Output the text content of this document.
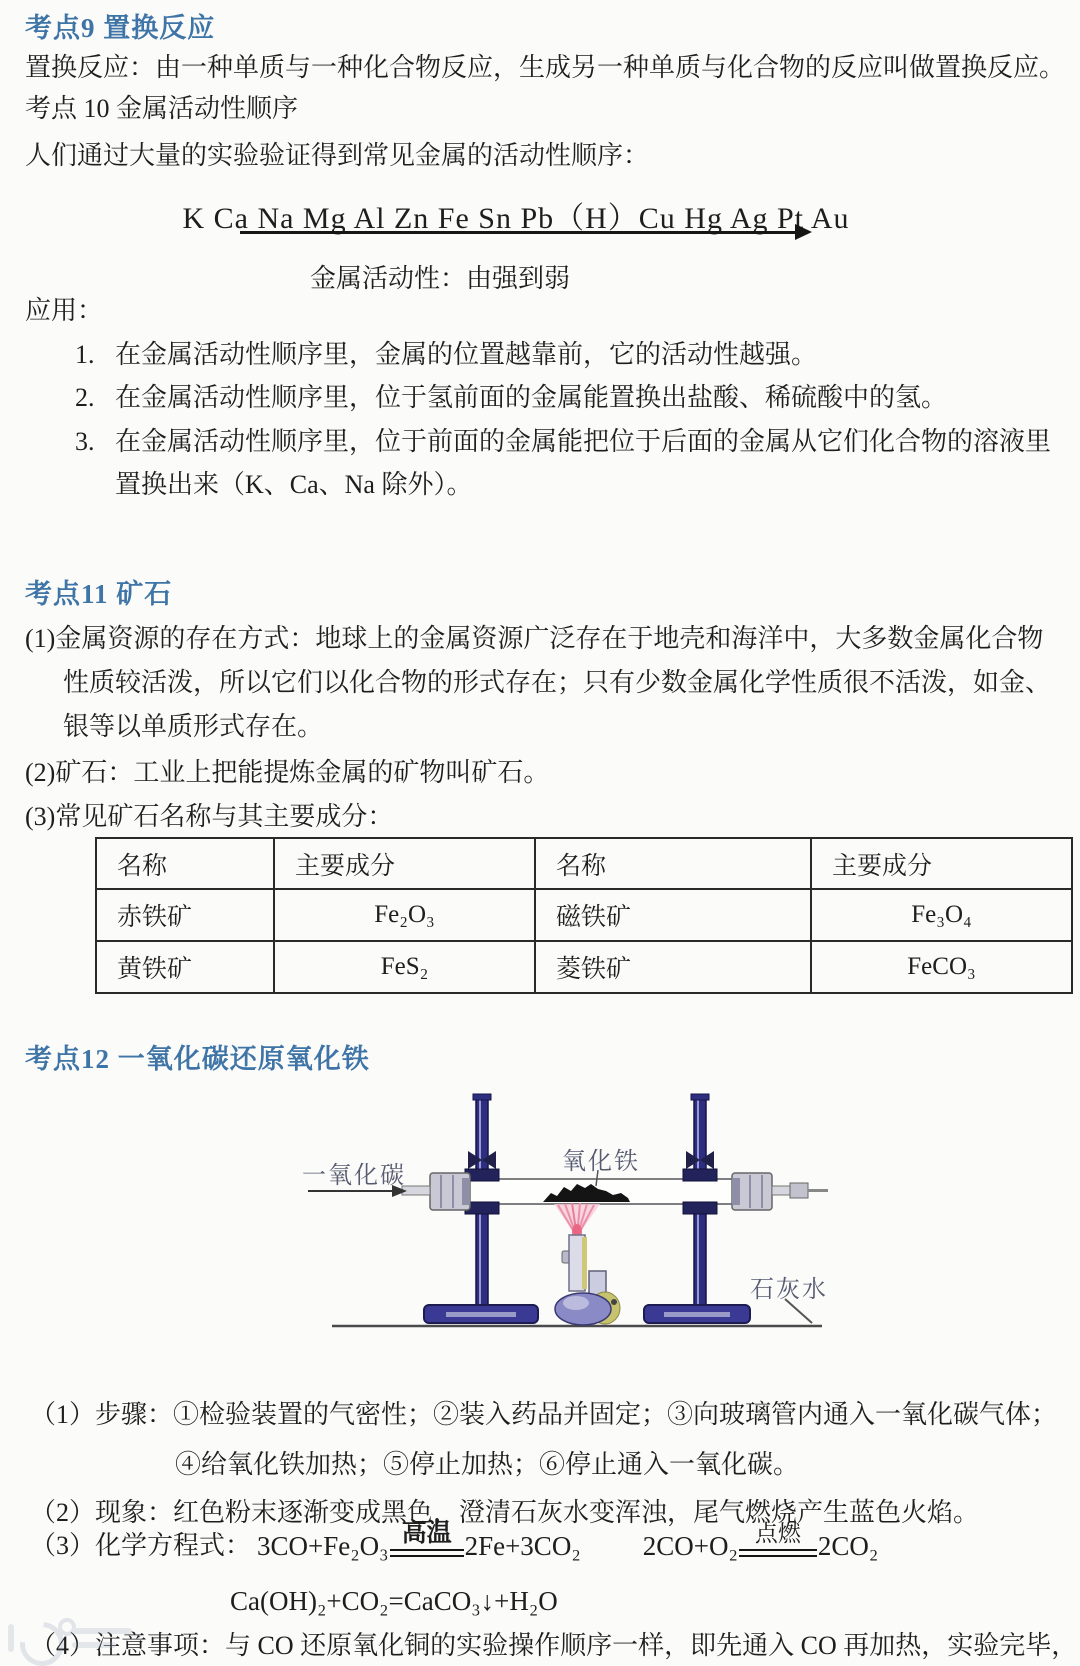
考点9 置换反应
置换反应：由一种单质与一种化合物反应，生成另一种单质与化合物的反应叫做置换反应。
考点 10 金属活动性顺序
人们通过大量的实验验证得到常见金属的活动性顺序：
K Ca Na Mg Al Zn Fe Sn Pb（H）Cu Hg Ag Pt Au
金属活动性：由强到弱
应用：
1. 在金属活动性顺序里，金属的位置越靠前，它的活动性越强。
2. 在金属活动性顺序里，位于氢前面的金属能置换出盐酸、稀硫酸中的氢。
3. 在金属活动性顺序里，位于前面的金属能把位于后面的金属从它们化合物的溶液里置换出来（K、Ca、Na 除外）。
考点11 矿石
(1)金属资源的存在方式：地球上的金属资源广泛存在于地壳和海洋中，大多数金属化合物性质较活泼，所以它们以化合物的形式存在；只有少数金属化学性质很不活泼，如金、银等以单质形式存在。
(2)矿石：工业上把能提炼金属的矿物叫矿石。
(3)常见矿石名称与其主要成分：
名称	主要成分	名称	主要成分
赤铁矿	Fe₂O₃	磁铁矿	Fe₃O₄
黄铁矿	FeS₂	菱铁矿	FeCO₃
考点12 一氧化碳还原氧化铁
一氧化碳
氧化铁
石灰水
（1）步骤：①检验装置的气密性；②装入药品并固定；③向玻璃管内通入一氧化碳气体；
④给氧化铁加热；⑤停止加热；⑥停止通入一氧化碳。
（2）现象：红色粉末逐渐变成黑色，澄清石灰水变浑浊，尾气燃烧产生蓝色火焰。
（3）化学方程式： 3CO+Fe₂O₃ 高温 2Fe+3CO₂ 2CO+O₂ 点燃 2CO₂
Ca(OH)₂+CO₂=CaCO₃↓+H₂O
（4）注意事项：与 CO 还原氧化铜的实验操作顺序一样，即先通入 CO 再加热，实验完毕，
